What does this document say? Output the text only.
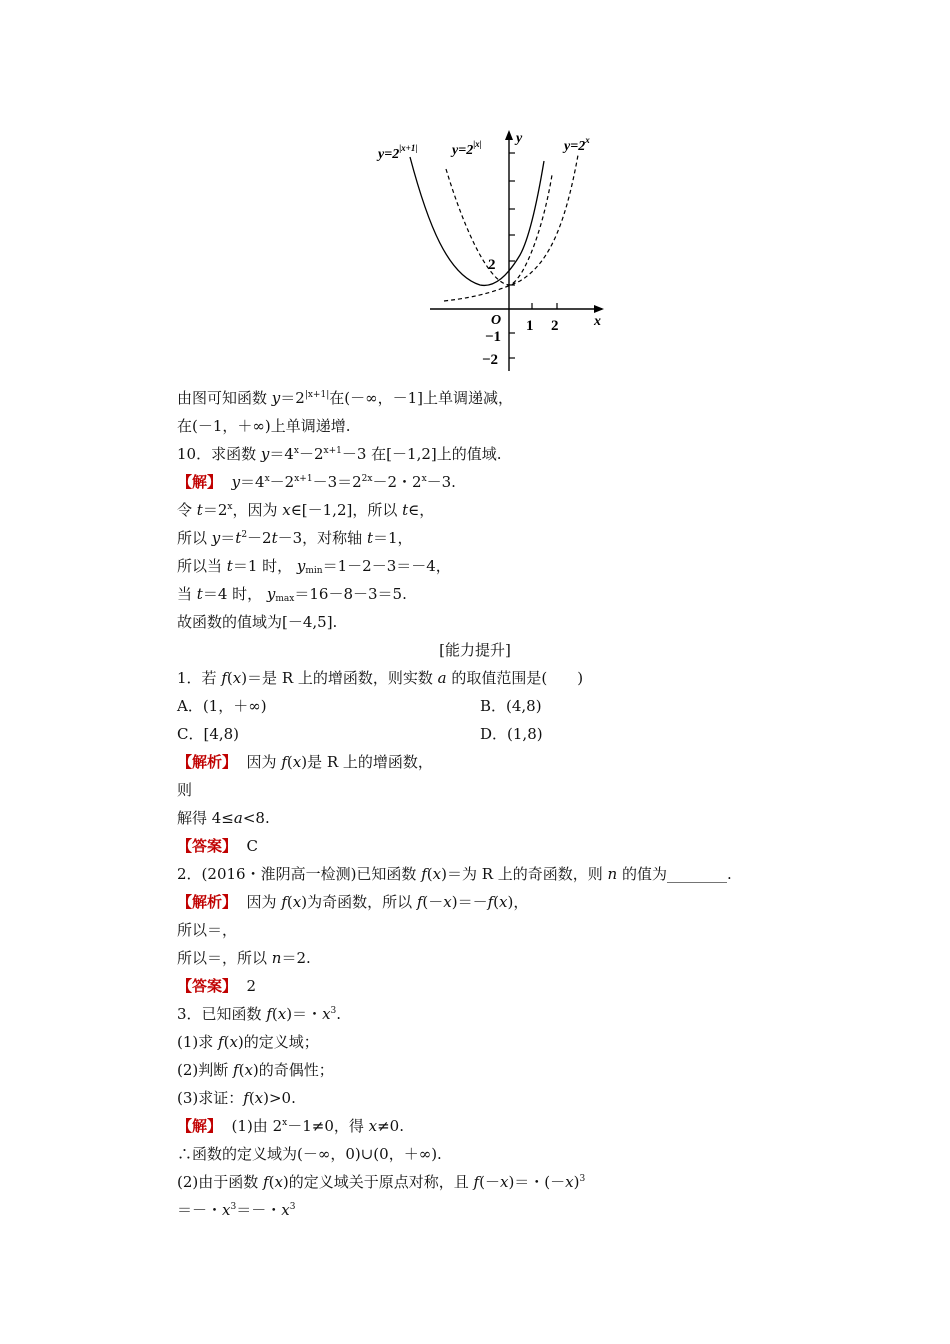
$y=2^{|x+1|}$ $y=2^{|x|}$	$y=2^x$
y
x
O 1 2
−1
−2
2
由图可知函数 $y=2^{|x+1|}$在(－∞，－1]上单调递减，
在(－1，＋∞)上单调递增.
10．求函数 $y=4^x-2^{x+1}-3$ 在[－1,2]上的值域.
【解】 $y=4^x-2^{x+1}-3=2^{2x}-2$・$2^x-3$.
令 $t=2^x$，因为 x∈[－1,2]，所以 t∈，
所以 $y=t^2-2t-3$，对称轴 t＝1，
所以当 t＝1 时， $y_{min}=1-2-3=-4$，
当 t＝4 时， $y_{max}=16-8-3=5$.
故函数的值域为[－4,5].
[能力提升]
1．若 f(x)＝是 R 上的增函数，则实数 a 的取值范围是(　　)
A．(1，＋∞)	B．(4,8)
C．[4,8)	D．(1,8)
【解析】  因为 f(x)是 R 上的增函数，
则
解得 4≤a<8.
【答案】  C
2．(2016・淮阴高一检测)已知函数 f(x)＝为 R 上的奇函数，则 n 的值为________.
【解析】  因为 f(x)为奇函数，所以 f(－x)＝－f(x)，
所以＝，
所以＝，所以 n＝2.
【答案】  2
3．已知函数 f(x)＝・$x^3$.
(1)求 f(x)的定义域；
(2)判断 f(x)的奇偶性；
(3)求证：f(x)>0.
【解】  (1)由 $2^x-1\ne 0$，得 x≠0.
∴函数的定义域为(－∞，0)∪(0，＋∞).
(2)由于函数 f(x)的定义域关于原点对称，且 f(－x)＝・$(-x)^3$
＝－・$x^3=-$・$x^3$
